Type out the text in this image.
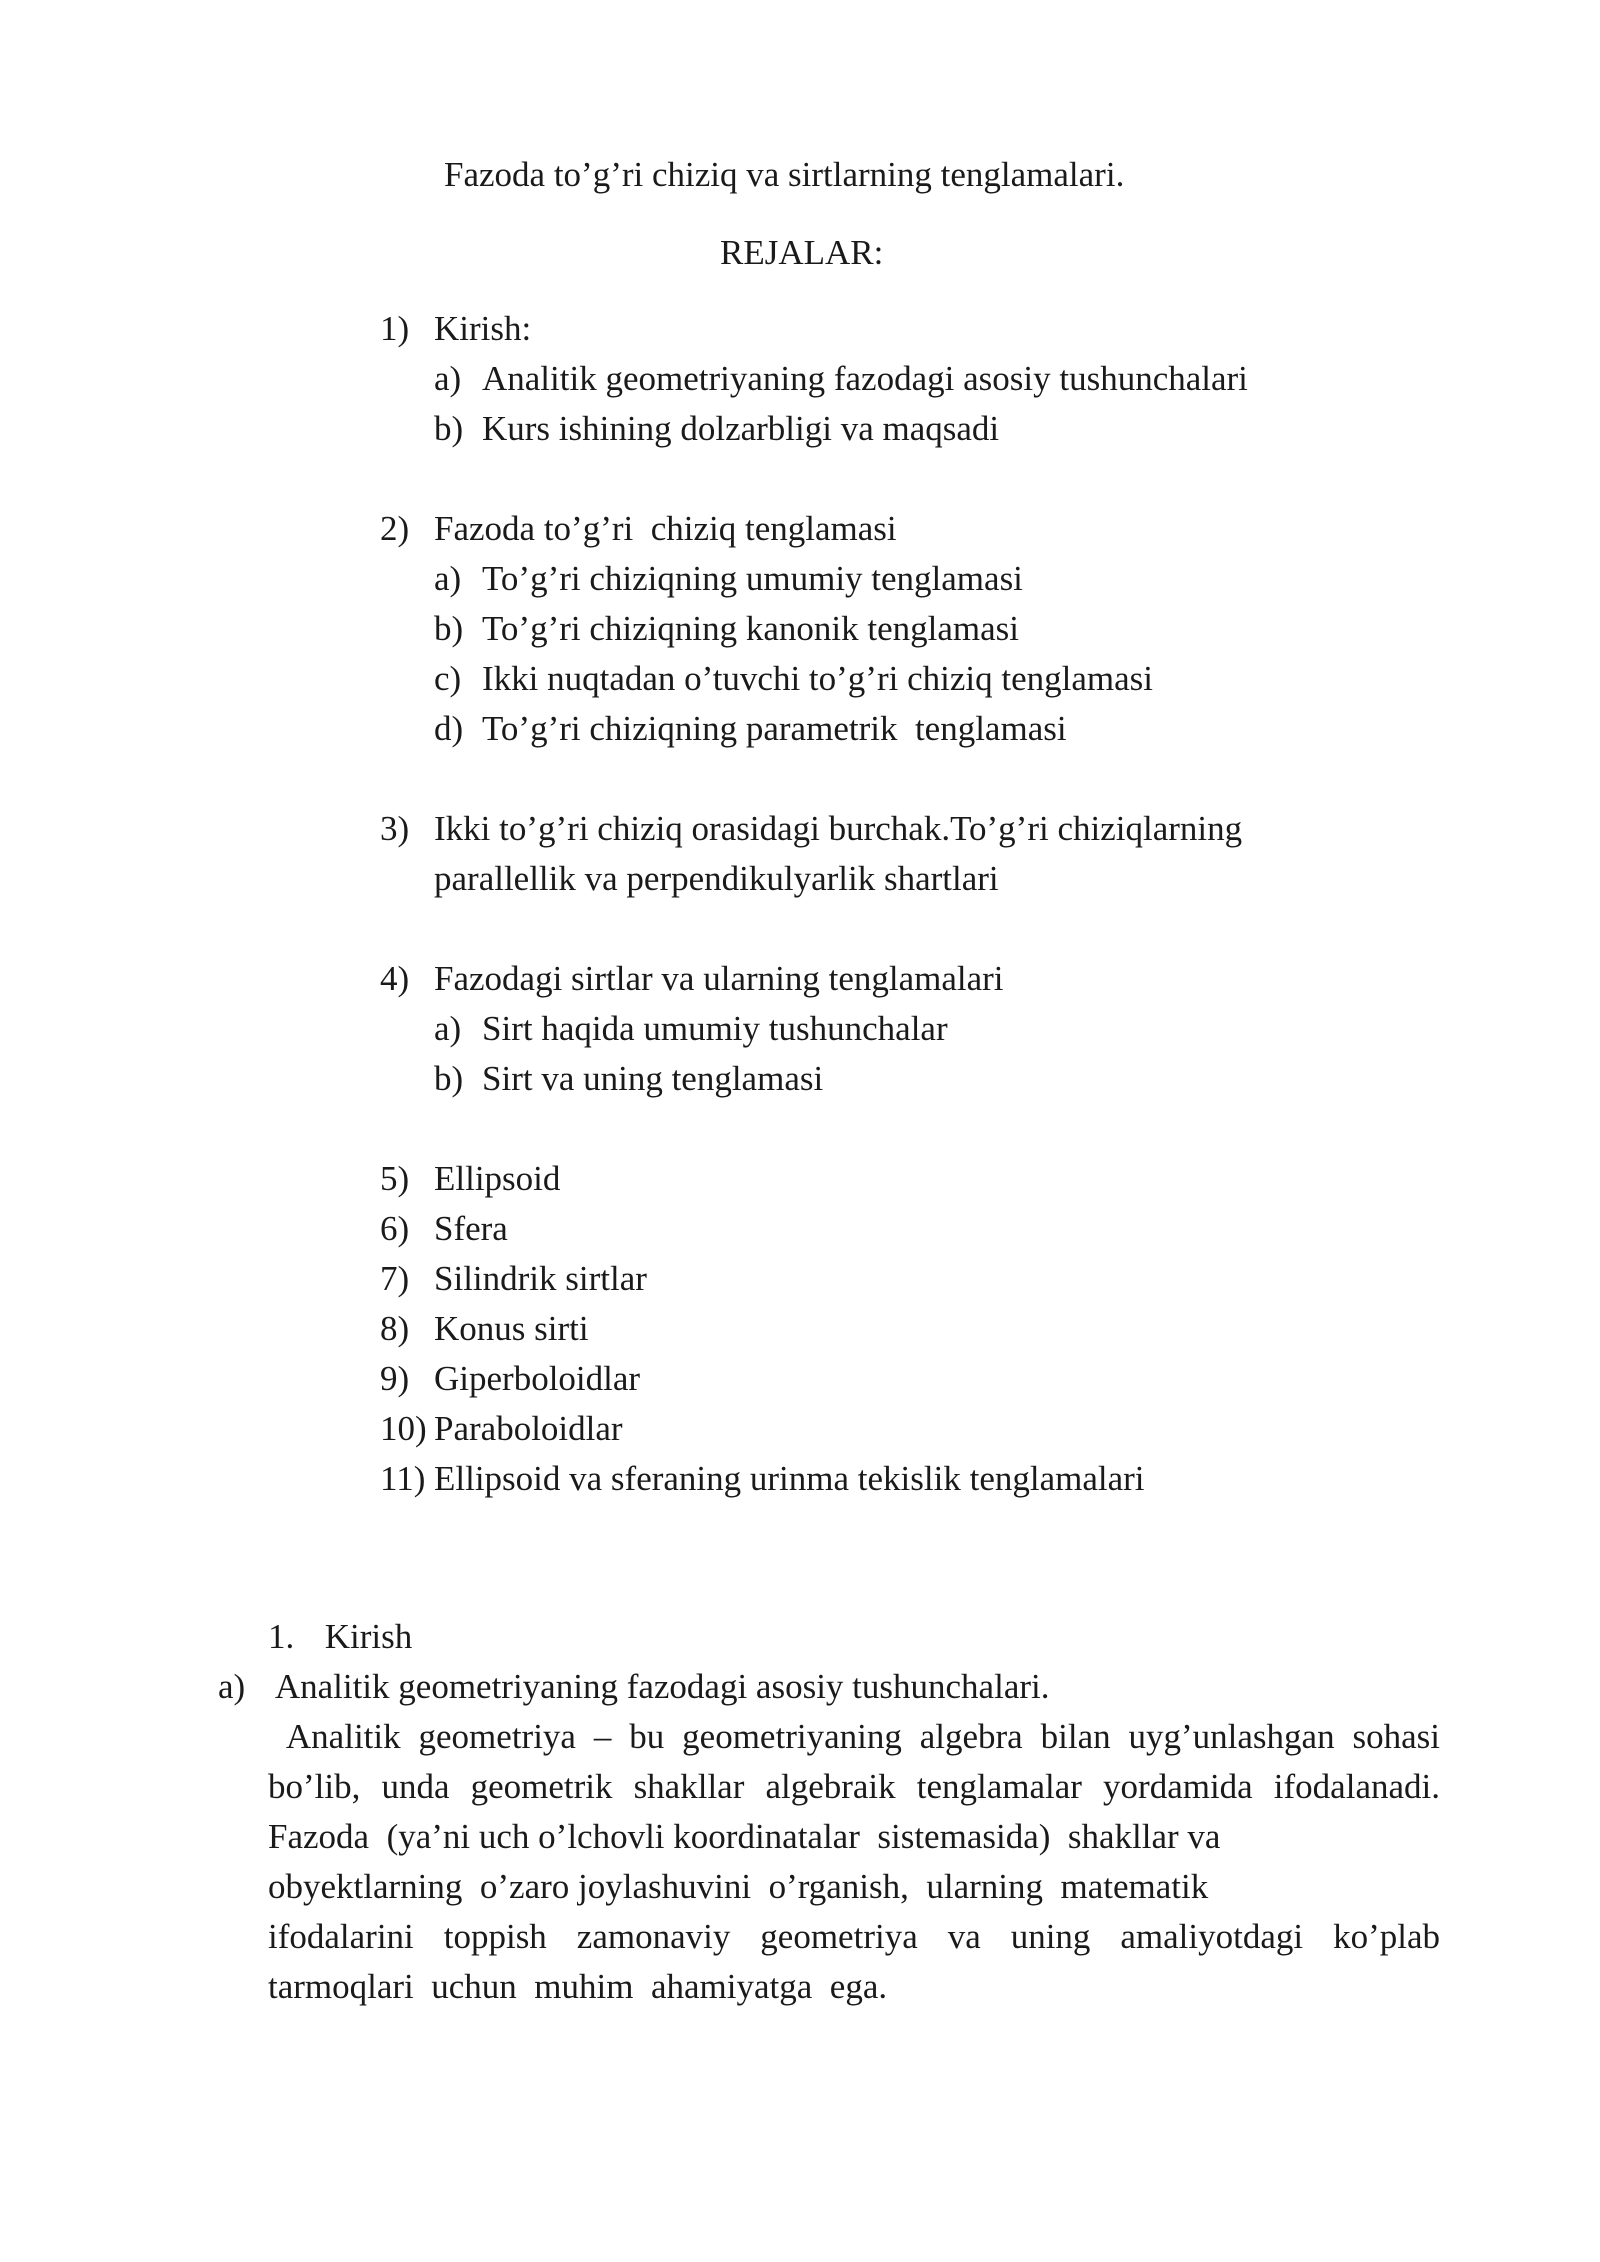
Fazoda to’g’ri chiziq va sirtlarning tenglamalari.
REJALAR:
1) Kirish:
a) Analitik geometriyaning fazodagi asosiy tushunchalari
b) Kurs ishining dolzarbligi va maqsadi
2) Fazoda to’g’ri  chiziq tenglamasi
a) To’g’ri chiziqning umumiy tenglamasi
b) To’g’ri chiziqning kanonik tenglamasi
c) Ikki nuqtadan o’tuvchi to’g’ri chiziq tenglamasi
d) To’g’ri chiziqning parametrik  tenglamasi
3) Ikki to’g’ri chiziq orasidagi burchak.To’g’ri chiziqlarning
parallellik va perpendikulyarlik shartlari
4) Fazodagi sirtlar va ularning tenglamalari
a) Sirt haqida umumiy tushunchalar
b) Sirt va uning tenglamasi
5) Ellipsoid
6) Sfera
7) Silindrik sirtlar
8) Konus sirti
9) Giperboloidlar
10) Paraboloidlar
11) Ellipsoid va sferaning urinma tekislik tenglamalari
1. Kirish
a) Analitik geometriyaning fazodagi asosiy tushunchalari.
Analitik geometriya – bu geometriyaning algebra bilan uyg’unlashgan sohasi
bo’lib, unda geometrik shakllar algebraik tenglamalar yordamida ifodalanadi.
Fazoda  (ya’ni uch o’lchovli koordinatalar  sistemasida)  shakllar va
obyektlarning  o’zaro joylashuvini  o’rganish,  ularning  matematik
ifodalarini toppish zamonaviy geometriya va uning amaliyotdagi ko’plab
tarmoqlari  uchun  muhim  ahamiyatga  ega.
